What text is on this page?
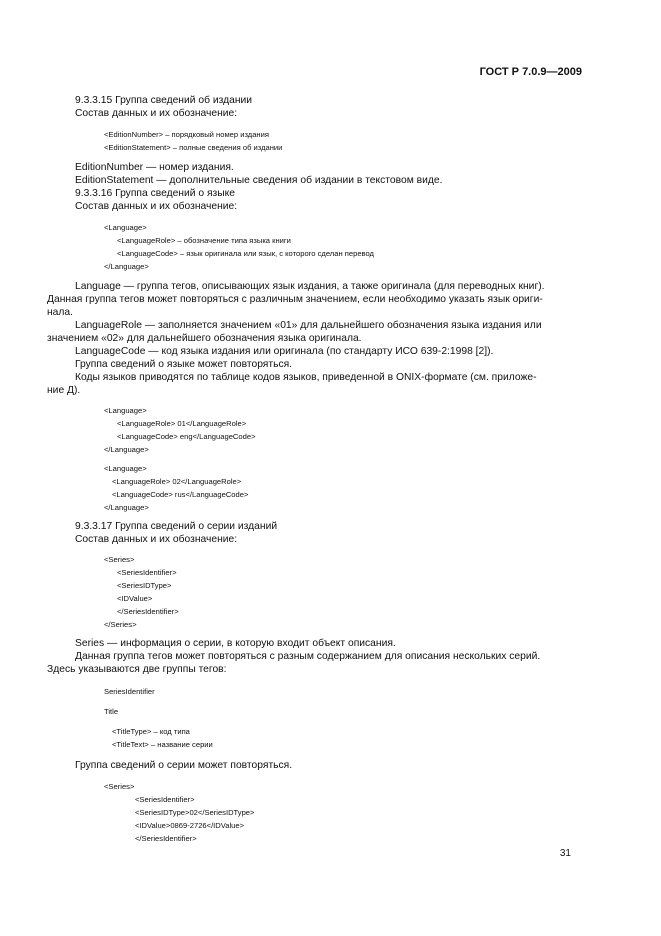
ГОСТ Р 7.0.9—2009
9.3.3.15 Группа сведений об издании
Состав данных и их обозначение:
<EditionNumber> – порядковый номер издания
<EditionStatement> – полные сведения об издании
EditionNumber — номер издания.
EditionStatement — дополнительные сведения об издании в текстовом виде.
9.3.3.16 Группа сведений о языке
Состав данных и их обозначение:
<Language>
<LanguageRole> – обозначение типа языка книги
<LanguageCode> – язык оригинала или язык, с которого сделан перевод
</Language>
Language — группа тегов, описывающих язык издания, а также оригинала (для переводных книг).
Данная группа тегов может повторяться с различным значением, если необходимо указать язык ориги-
нала.
LanguageRole — заполняется значением «01» для дальнейшего обозначения языка издания или
значением «02» для дальнейшего обозначения языка оригинала.
LanguageCode — код языка издания или оригинала (по стандарту ИСО 639-2:1998 [2]).
Группа сведений о языке может повторяться.
Коды языков приводятся по таблице кодов языков, приведенной в ONIX-формате (см. приложе-
ние Д).
<Language>
<LanguageRole> 01</LanguageRole>
<LanguageCode> eng</LanguageCode>
</Language>
<Language>
<LanguageRole> 02</LanguageRole>
<LanguageCode> rus</LanguageCode>
</Language>
9.3.3.17 Группа сведений о серии изданий
Состав данных и их обозначение:
<Series>
<SeriesIdentifier>
<SeriesIDType>
<IDValue>
</SeriesIdentifier>
</Series>
Series — информация о серии, в которую входит объект описания.
Данная группа тегов может повторяться с разным содержанием для описания нескольких серий.
Здесь указываются две группы тегов:
SeriesIdentifier
Title
<TitleType> – код типа
<TitleText> – название серии
Группа сведений о серии может повторяться.
<Series>
<SeriesIdentifier>
<SeriesIDType>02</SeriesIDType>
<IDValue>0869-2726</IDValue>
</SeriesIdentifier>
31
